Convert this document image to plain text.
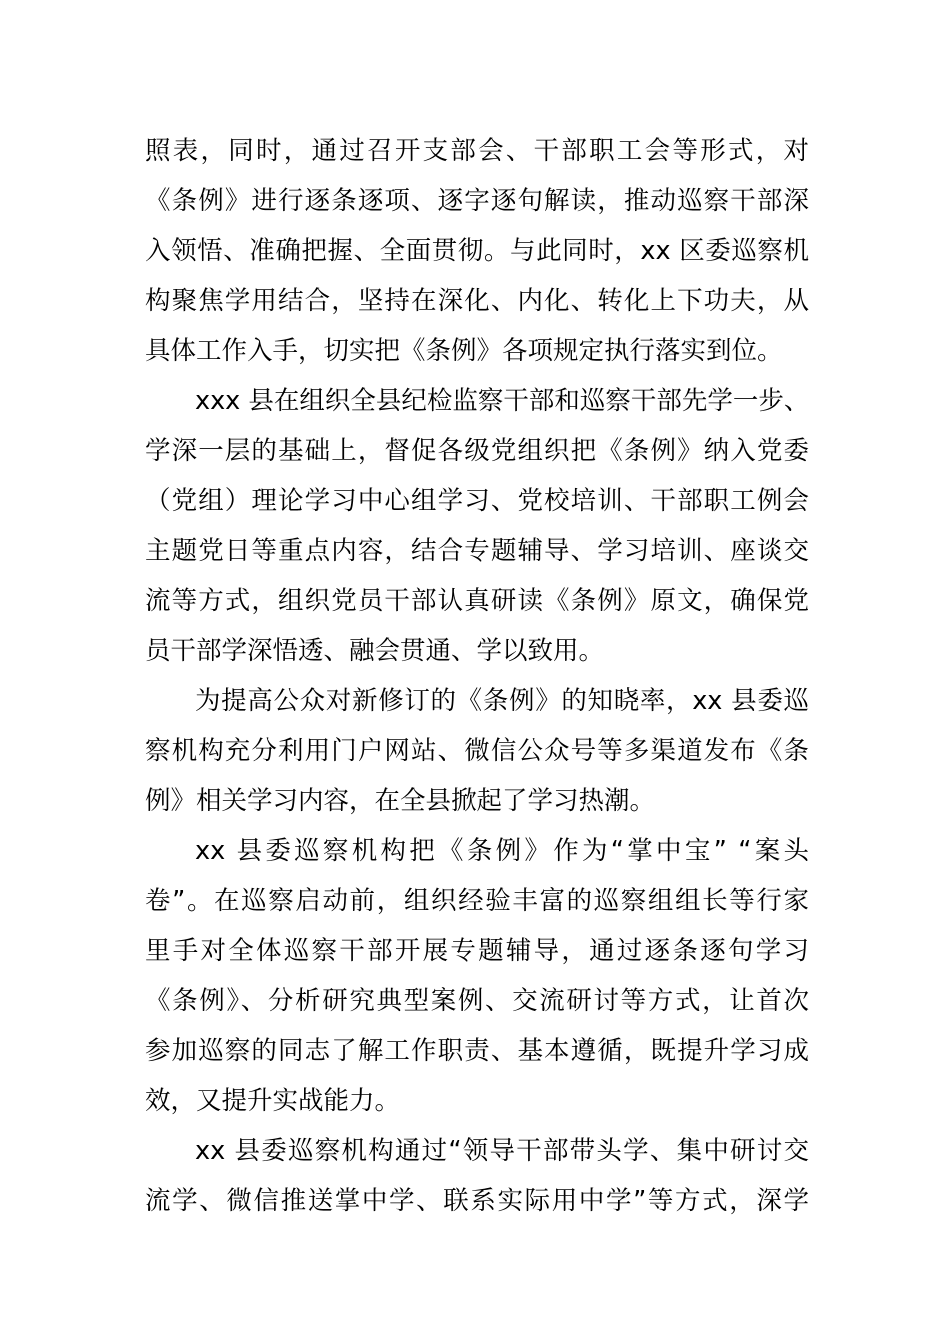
照表，同时，通过召开支部会、干部职工会等形式，对
《条例》进行逐条逐项、逐字逐句解读，推动巡察干部深
入领悟、准确把握、全面贯彻。与此同时，xx 区委巡察机
构聚焦学用结合，坚持在深化、内化、转化上下功夫，从
具体工作入手，切实把《条例》各项规定执行落实到位。
xxx 县在组织全县纪检监察干部和巡察干部先学一步、
学深一层的基础上，督促各级党组织把《条例》纳入党委
（党组）理论学习中心组学习、党校培训、干部职工例会
主题党日等重点内容，结合专题辅导、学习培训、座谈交
流等方式，组织党员干部认真研读《条例》原文，确保党
员干部学深悟透、融会贯通、学以致用。
为提高公众对新修订的《条例》的知晓率，xx 县委巡
察机构充分利用门户网站、微信公众号等多渠道发布《条
例》相关学习内容，在全县掀起了学习热潮。
xx 县委巡察机构把《条例》作为“掌中宝” “案头
卷”。在巡察启动前，组织经验丰富的巡察组组长等行家
里手对全体巡察干部开展专题辅导，通过逐条逐句学习
《条例》、分析研究典型案例、交流研讨等方式，让首次
参加巡察的同志了解工作职责、基本遵循，既提升学习成
效，又提升实战能力。
xx 县委巡察机构通过“领导干部带头学、集中研讨交
流学、微信推送掌中学、联系实际用中学”等方式，深学
